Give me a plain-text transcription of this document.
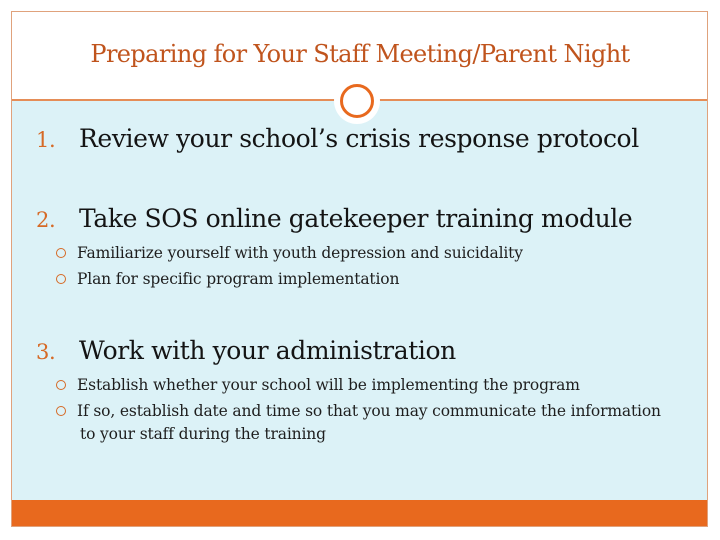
Preparing for Your Staff Meeting/Parent Night
1. Review your school’s crisis response protocol
2. Take SOS online gatekeeper training module
Familiarize yourself with youth depression and suicidality
Plan for specific program implementation
3. Work with your administration
Establish whether your school will be implementing the program
If so, establish date and time so that you may communicate the information
to your staff during the training
